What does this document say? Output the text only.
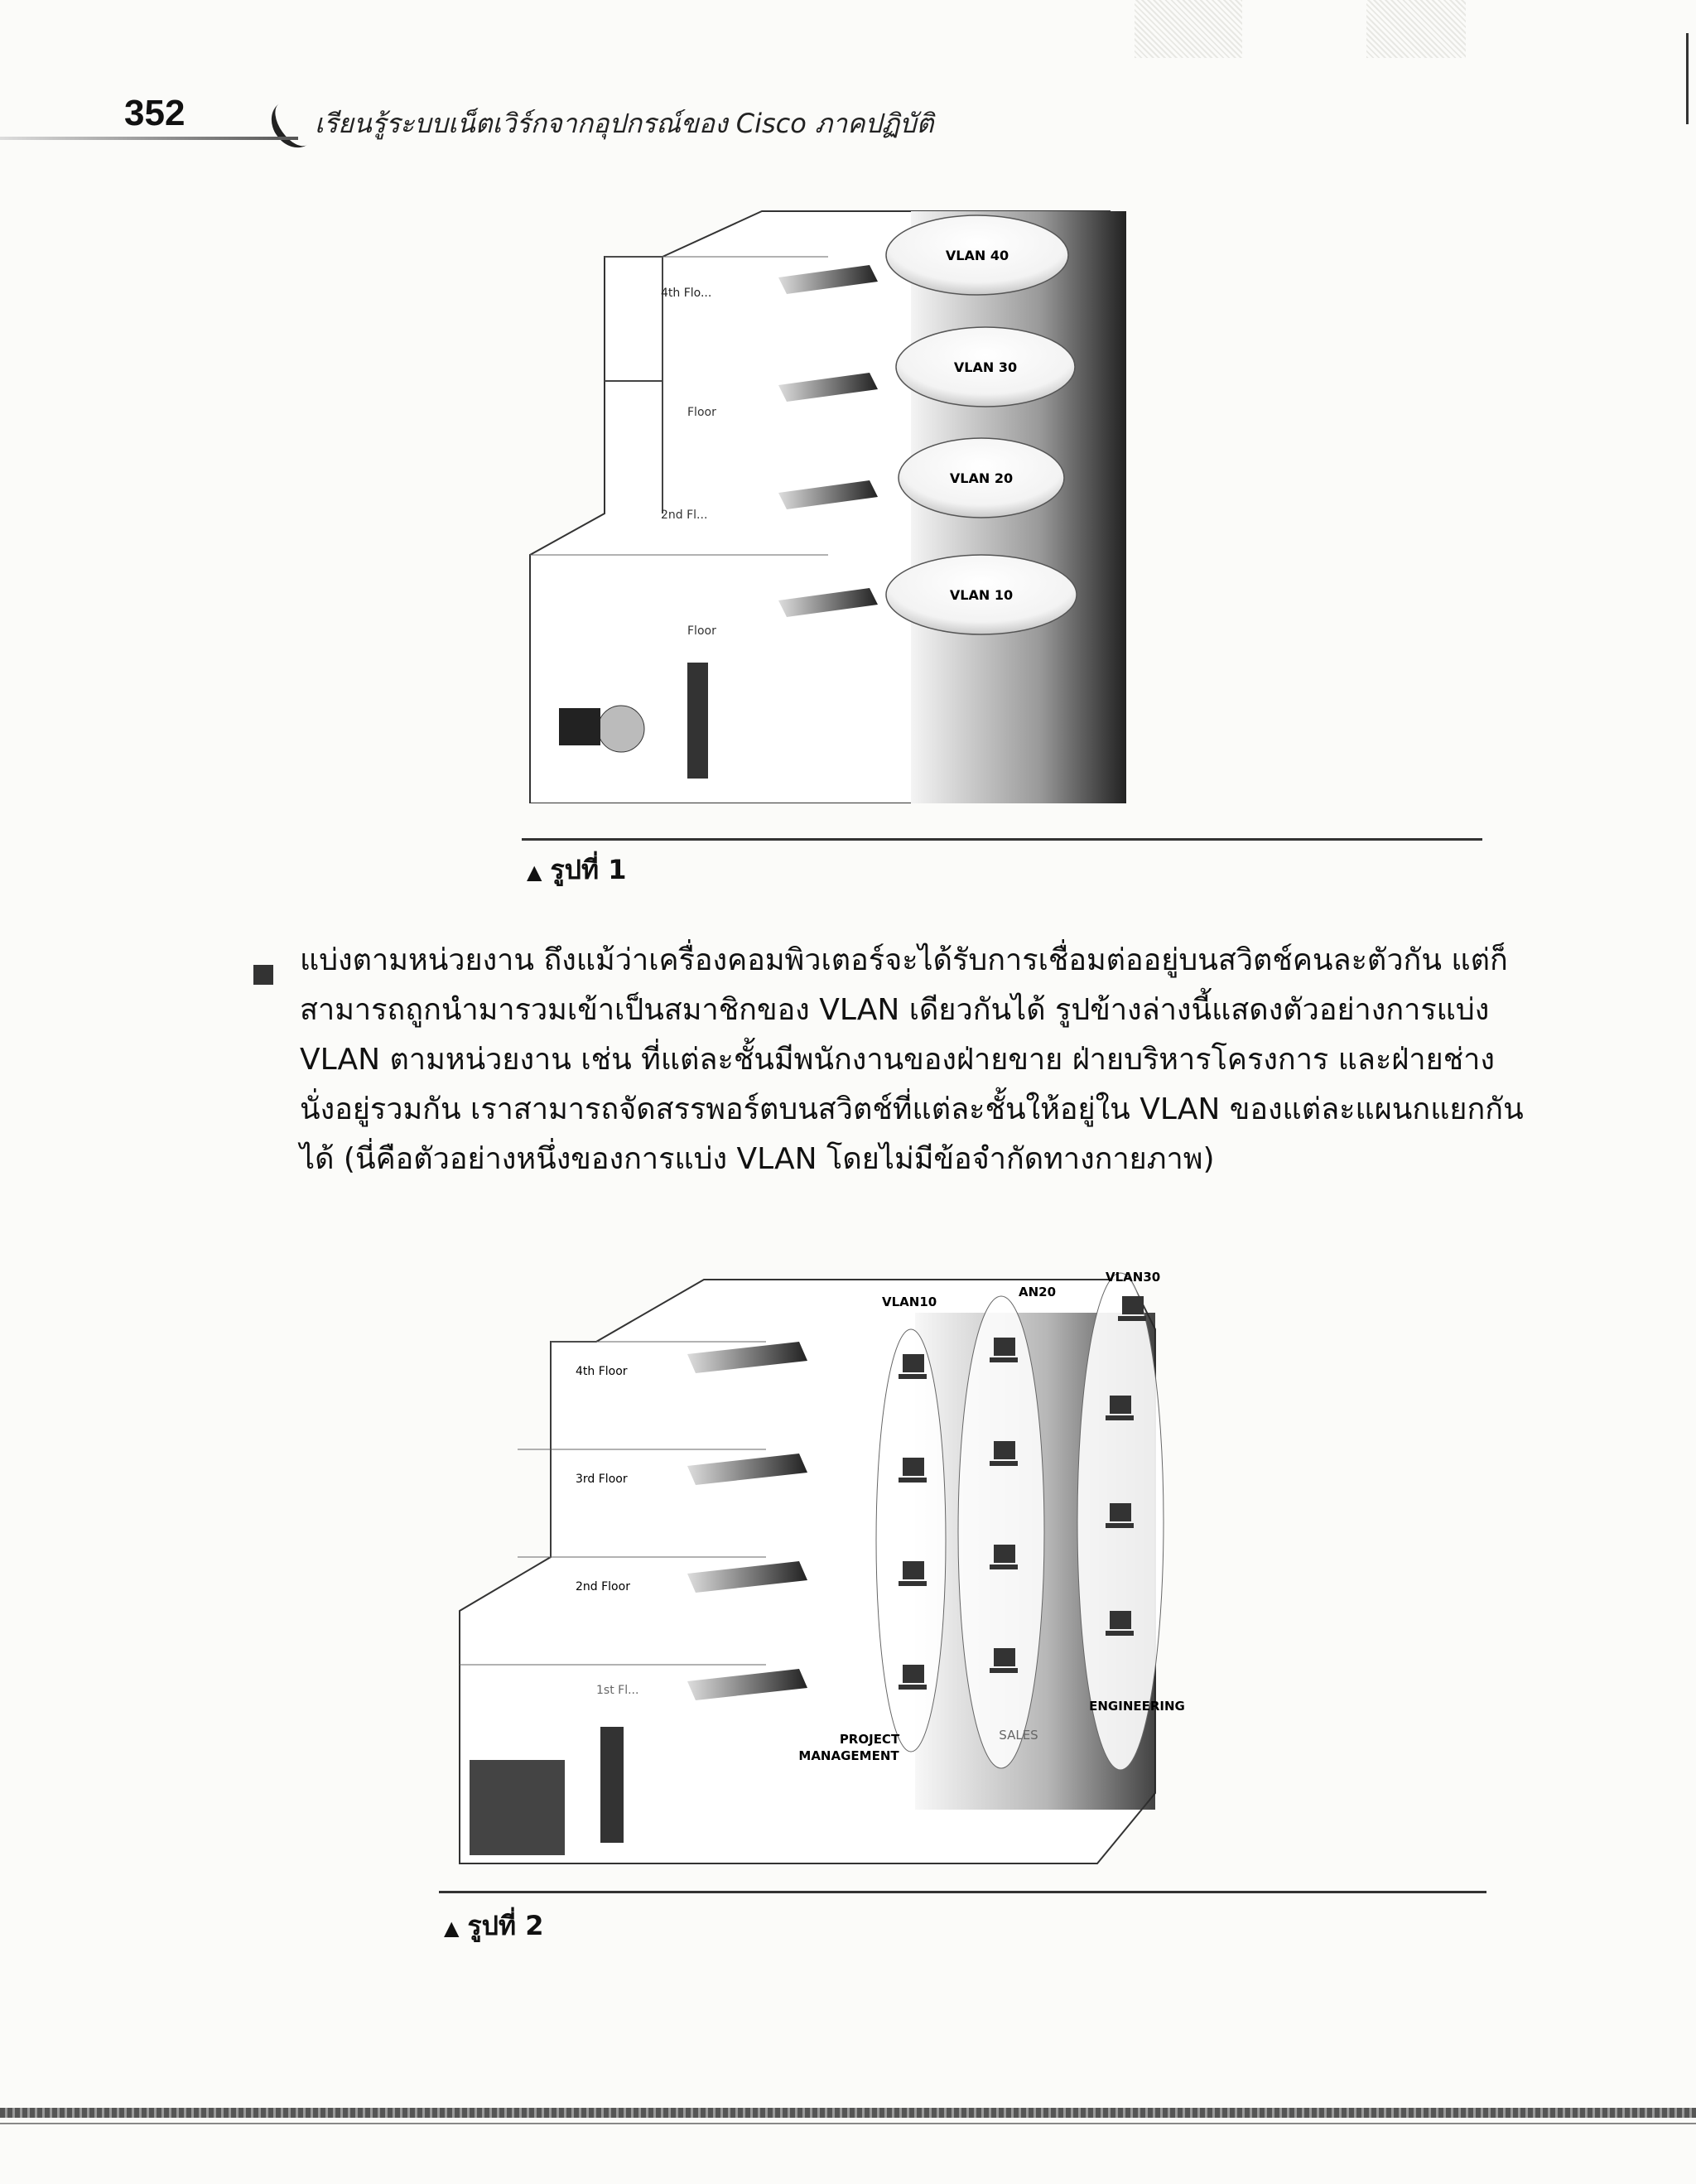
352	เรียนรู้ระบบเน็ตเวิร์กจากอุปกรณ์ของ Cisco ภาคปฏิบัติ
4th Flo...
Floor
2nd Fl...
Floor
VLAN 40
VLAN 30
VLAN 20
VLAN 10
▲ รูปที่ 1
แบ่งตามหน่วยงาน ถึงแม้ว่าเครื่องคอมพิวเตอร์จะได้รับการเชื่อมต่ออยู่บนสวิตช์คนละตัวกัน แต่ก็
สามารถถูกนำมารวมเข้าเป็นสมาชิกของ VLAN เดียวกันได้ รูปข้างล่างนี้แสดงตัวอย่างการแบ่ง
VLAN ตามหน่วยงาน เช่น ที่แต่ละชั้นมีพนักงานของฝ่ายขาย ฝ่ายบริหารโครงการ และฝ่ายช่าง
นั่งอยู่รวมกัน เราสามารถจัดสรรพอร์ตบนสวิตช์ที่แต่ละชั้นให้อยู่ใน VLAN ของแต่ละแผนกแยกกัน
ได้ (นี่คือตัวอย่างหนึ่งของการแบ่ง VLAN โดยไม่มีข้อจำกัดทางกายภาพ)
4th Floor
3rd Floor
2nd Floor
1st Fl...
VLAN10
AN20
VLAN30
PROJECT
MANAGEMENT
SALES
ENGINEERING
▲ รูปที่ 2
